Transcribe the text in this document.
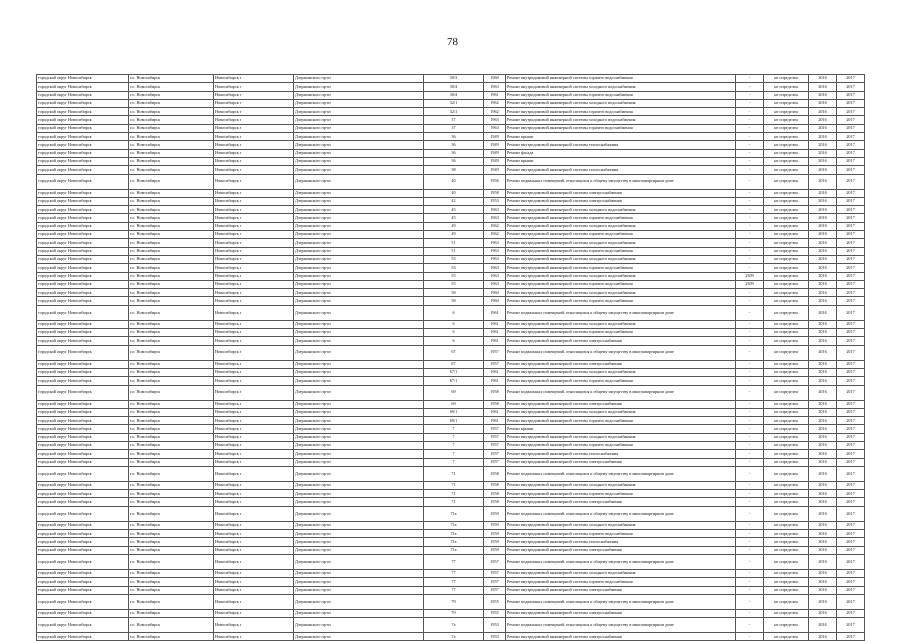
78
городской округ Новосибирск	г.о. Новосибирск	Новосибирск г	Дзержинского пр-кт	30/3	1960	Ремонт внутридомовой инженерной системы горячего водоснабжения	-	не определен	2016	2017
городской округ Новосибирск	г.о. Новосибирск	Новосибирск г	Дзержинского пр-кт	30/4	1963	Ремонт внутридомовой инженерной системы холодного водоснабжения	-	не определен	2016	2017
городской округ Новосибирск	г.о. Новосибирск	Новосибирск г	Дзержинского пр-кт	30/4	1961	Ремонт внутридомовой инженерной системы горячего водоснабжения	-	не определен	2016	2017
городской округ Новосибирск	г.о. Новосибирск	Новосибирск г	Дзержинского пр-кт	32/1	1962	Ремонт внутридомовой инженерной системы холодного водоснабжения	-	не определен	2016	2017
городской округ Новосибирск	г.о. Новосибирск	Новосибирск г	Дзержинского пр-кт	32/1	1962	Ремонт внутридомовой инженерной системы горячего водоснабжения	-	не определен	2016	2017
городской округ Новосибирск	г.о. Новосибирск	Новосибирск г	Дзержинского пр-кт	37	1963	Ремонт внутридомовой инженерной системы холодного водоснабжения	-	не определен	2016	2017
городской округ Новосибирск	г.о. Новосибирск	Новосибирск г	Дзержинского пр-кт	37	1963	Ремонт внутридомовой инженерной системы горячего водоснабжения	-	не определен	2016	2017
городской округ Новосибирск	г.о. Новосибирск	Новосибирск г	Дзержинского пр-кт	36	1949	Ремонт крыши	-	не определен	2016	2017
городской округ Новосибирск	г.о. Новосибирск	Новосибирск г	Дзержинского пр-кт	36	1949	Ремонт внутридомовой инженерной системы теплоснабжения	-	не определен	2016	2017
городской округ Новосибирск	г.о. Новосибирск	Новосибирск г	Дзержинского пр-кт	36	1949	Ремонт фасада	-	не определен	2016	2017
городской округ Новосибирск	г.о. Новосибирск	Новосибирск г	Дзержинского пр-кт	36	1949	Ремонт крыши	-	не определен	2016	2017
городской округ Новосибирск	г.о. Новосибирск	Новосибирск г	Дзержинского пр-кт	38	1949	Ремонт внутридомовой инженерной системы теплоснабжения	-	не определен	2016	2017
городской округ Новосибирск	г.о. Новосибирск	Новосибирск г	Дзержинского пр-кт	40	1956	Ремонт подвальных помещений, относящихся к общему имуществу в многоквартирном доме	-	не определен	2016	2017
городской округ Новосибирск	г.о. Новосибирск	Новосибирск г	Дзержинского пр-кт	40	1958	Ремонт внутридомовой инженерной системы электроснабжения	-	не определен	2016	2017
городской округ Новосибирск	г.о. Новосибирск	Новосибирск г	Дзержинского пр-кт	42	1953	Ремонт внутридомовой инженерной системы электроснабжения	-	не определен	2016	2017
городской округ Новосибирск	г.о. Новосибирск	Новосибирск г	Дзержинского пр-кт	45	1963	Ремонт внутридомовой инженерной системы холодного водоснабжения	-	не определен	2016	2017
городской округ Новосибирск	г.о. Новосибирск	Новосибирск г	Дзержинского пр-кт	45	1963	Ремонт внутридомовой инженерной системы горячего водоснабжения	-	не определен	2016	2017
городской округ Новосибирск	г.о. Новосибирск	Новосибирск г	Дзержинского пр-кт	49	1962	Ремонт внутридомовой инженерной системы холодного водоснабжения	-	не определен	2016	2017
городской округ Новосибирск	г.о. Новосибирск	Новосибирск г	Дзержинского пр-кт	49	1962	Ремонт внутридомовой инженерной системы горячего водоснабжения	-	не определен	2016	2017
городской округ Новосибирск	г.о. Новосибирск	Новосибирск г	Дзержинского пр-кт	51	1963	Ремонт внутридомовой инженерной системы холодного водоснабжения	-	не определен	2016	2017
городской округ Новосибирск	г.о. Новосибирск	Новосибирск г	Дзержинского пр-кт	51	1963	Ремонт внутридомовой инженерной системы горячего водоснабжения	-	не определен	2016	2017
городской округ Новосибирск	г.о. Новосибирск	Новосибирск г	Дзержинского пр-кт	53	1963	Ремонт внутридомовой инженерной системы холодного водоснабжения	-	не определен	2016	2017
городской округ Новосибирск	г.о. Новосибирск	Новосибирск г	Дзержинского пр-кт	53	1963	Ремонт внутридомовой инженерной системы горячего водоснабжения	-	не определен	2016	2017
городской округ Новосибирск	г.о. Новосибирск	Новосибирск г	Дзержинского пр-кт	55	1963	Ремонт внутридомовой инженерной системы холодного водоснабжения	2309	не определен	2016	2017
городской округ Новосибирск	г.о. Новосибирск	Новосибирск г	Дзержинского пр-кт	55	1963	Ремонт внутридомовой инженерной системы горячего водоснабжения	2309	не определен	2016	2017
городской округ Новосибирск	г.о. Новосибирск	Новосибирск г	Дзержинского пр-кт	58	1960	Ремонт внутридомовой инженерной системы холодного водоснабжения	-	не определен	2016	2017
городской округ Новосибирск	г.о. Новосибирск	Новосибирск г	Дзержинского пр-кт	58	1960	Ремонт внутридомовой инженерной системы горячего водоснабжения	-	не определен	2016	2017
городской округ Новосибирск	г.о. Новосибирск	Новосибирск г	Дзержинского пр-кт	6	1961	Ремонт подвальных помещений, относящихся к общему имуществу в многоквартирном доме	-	не определен	2016	2017
городской округ Новосибирск	г.о. Новосибирск	Новосибирск г	Дзержинского пр-кт	6	1961	Ремонт внутридомовой инженерной системы холодного водоснабжения	-	не определен	2016	2017
городской округ Новосибирск	г.о. Новосибирск	Новосибирск г	Дзержинского пр-кт	6	1961	Ремонт внутридомовой инженерной системы горячего водоснабжения	-	не определен	2016	2017
городской округ Новосибирск	г.о. Новосибирск	Новосибирск г	Дзержинского пр-кт	6	1961	Ремонт внутридомовой инженерной системы электроснабжения	-	не определен	2016	2017
городской округ Новосибирск	г.о. Новосибирск	Новосибирск г	Дзержинского пр-кт	67	1957	Ремонт подвальных помещений, относящихся к общему имуществу в многоквартирном доме	-	не определен	2016	2017
городской округ Новосибирск	г.о. Новосибирск	Новосибирск г	Дзержинского пр-кт	67	1957	Ремонт внутридомовой инженерной системы электроснабжения	-	не определен	2016	2017
городской округ Новосибирск	г.о. Новосибирск	Новосибирск г	Дзержинского пр-кт	67/1	1961	Ремонт внутридомовой инженерной системы холодного водоснабжения	-	не определен	2016	2017
городской округ Новосибирск	г.о. Новосибирск	Новосибирск г	Дзержинского пр-кт	67/1	1961	Ремонт внутридомовой инженерной системы горячего водоснабжения	-	не определен	2016	2017
городской округ Новосибирск	г.о. Новосибирск	Новосибирск г	Дзержинского пр-кт	69	1958	Ремонт подвальных помещений, относящихся к общему имуществу в многоквартирном доме	-	не определен	2016	2017
городской округ Новосибирск	г.о. Новосибирск	Новосибирск г	Дзержинского пр-кт	69	1958	Ремонт внутридомовой инженерной системы электроснабжения	-	не определен	2016	2017
городской округ Новосибирск	г.о. Новосибирск	Новосибирск г	Дзержинского пр-кт	69/1	1961	Ремонт внутридомовой инженерной системы холодного водоснабжения	-	не определен	2016	2017
городской округ Новосибирск	г.о. Новосибирск	Новосибирск г	Дзержинского пр-кт	69/1	1961	Ремонт внутридомовой инженерной системы горячего водоснабжения	-	не определен	2016	2017
городской округ Новосибирск	г.о. Новосибирск	Новосибирск г	Дзержинского пр-кт	7	1957	Ремонт крыши	-	не определен	2016	2017
городской округ Новосибирск	г.о. Новосибирск	Новосибирск г	Дзержинского пр-кт	7	1957	Ремонт внутридомовой инженерной системы холодного водоснабжения	-	не определен	2016	2017
городской округ Новосибирск	г.о. Новосибирск	Новосибирск г	Дзержинского пр-кт	7	1957	Ремонт внутридомовой инженерной системы горячего водоснабжения	-	не определен	2016	2017
городской округ Новосибирск	г.о. Новосибирск	Новосибирск г	Дзержинского пр-кт	7	1957	Ремонт внутридомовой инженерной системы теплоснабжения	-	не определен	2016	2017
городской округ Новосибирск	г.о. Новосибирск	Новосибирск г	Дзержинского пр-кт	7	1957	Ремонт внутридомовой инженерной системы электроснабжения	-	не определен	2016	2017
городской округ Новосибирск	г.о. Новосибирск	Новосибирск г	Дзержинского пр-кт	71	1958	Ремонт подвальных помещений, относящихся к общему имуществу в многоквартирном доме	-	не определен	2016	2017
городской округ Новосибирск	г.о. Новосибирск	Новосибирск г	Дзержинского пр-кт	71	1958	Ремонт внутридомовой инженерной системы холодного водоснабжения	-	не определен	2016	2017
городской округ Новосибирск	г.о. Новосибирск	Новосибирск г	Дзержинского пр-кт	71	1958	Ремонт внутридомовой инженерной системы горячего водоснабжения	-	не определен	2016	2017
городской округ Новосибирск	г.о. Новосибирск	Новосибирск г	Дзержинского пр-кт	71	1958	Ремонт внутридомовой инженерной системы электроснабжения	-	не определен	2016	2017
городской округ Новосибирск	г.о. Новосибирск	Новосибирск г	Дзержинского пр-кт	71а	1959	Ремонт подвальных помещений, относящихся к общему имуществу в многоквартирном доме	-	не определен	2016	2017
городской округ Новосибирск	г.о. Новосибирск	Новосибирск г	Дзержинского пр-кт	71а	1959	Ремонт внутридомовой инженерной системы холодного водоснабжения	-	не определен	2016	2017
городской округ Новосибирск	г.о. Новосибирск	Новосибирск г	Дзержинского пр-кт	71а	1959	Ремонт внутридомовой инженерной системы горячего водоснабжения	-	не определен	2016	2017
городской округ Новосибирск	г.о. Новосибирск	Новосибирск г	Дзержинского пр-кт	71а	1959	Ремонт внутридомовой инженерной системы теплоснабжения	-	не определен	2016	2017
городской округ Новосибирск	г.о. Новосибирск	Новосибирск г	Дзержинского пр-кт	71а	1959	Ремонт внутридомовой инженерной системы электроснабжения	-	не определен	2016	2017
городской округ Новосибирск	г.о. Новосибирск	Новосибирск г	Дзержинского пр-кт	77	1957	Ремонт подвальных помещений, относящихся к общему имуществу в многоквартирном доме	-	не определен	2016	2017
городской округ Новосибирск	г.о. Новосибирск	Новосибирск г	Дзержинского пр-кт	77	1957	Ремонт внутридомовой инженерной системы холодного водоснабжения	-	не определен	2016	2017
городской округ Новосибирск	г.о. Новосибирск	Новосибирск г	Дзержинского пр-кт	77	1957	Ремонт внутридомовой инженерной системы горячего водоснабжения	-	не определен	2016	2017
городской округ Новосибирск	г.о. Новосибирск	Новосибирск г	Дзержинского пр-кт	77	1957	Ремонт внутридомовой инженерной системы электроснабжения	-	не определен	2016	2017
городской округ Новосибирск	г.о. Новосибирск	Новосибирск г	Дзержинского пр-кт	79	1955	Ремонт подвальных помещений, относящихся к общему имуществу в многоквартирном доме	-	не определен	2016	2017
городской округ Новосибирск	г.о. Новосибирск	Новосибирск г	Дзержинского пр-кт	79	1955	Ремонт внутридомовой инженерной системы электроснабжения	-	не определен	2016	2017
городской округ Новосибирск	г.о. Новосибирск	Новосибирск г	Дзержинского пр-кт	7а	1953	Ремонт подвальных помещений, относящихся к общему имуществу в многоквартирном доме	-	не определен	2016	2017
городской округ Новосибирск	г.о. Новосибирск	Новосибирск г	Дзержинского пр-кт	7а	1953	Ремонт внутридомовой инженерной системы электроснабжения	-	не определен	2016	2017
